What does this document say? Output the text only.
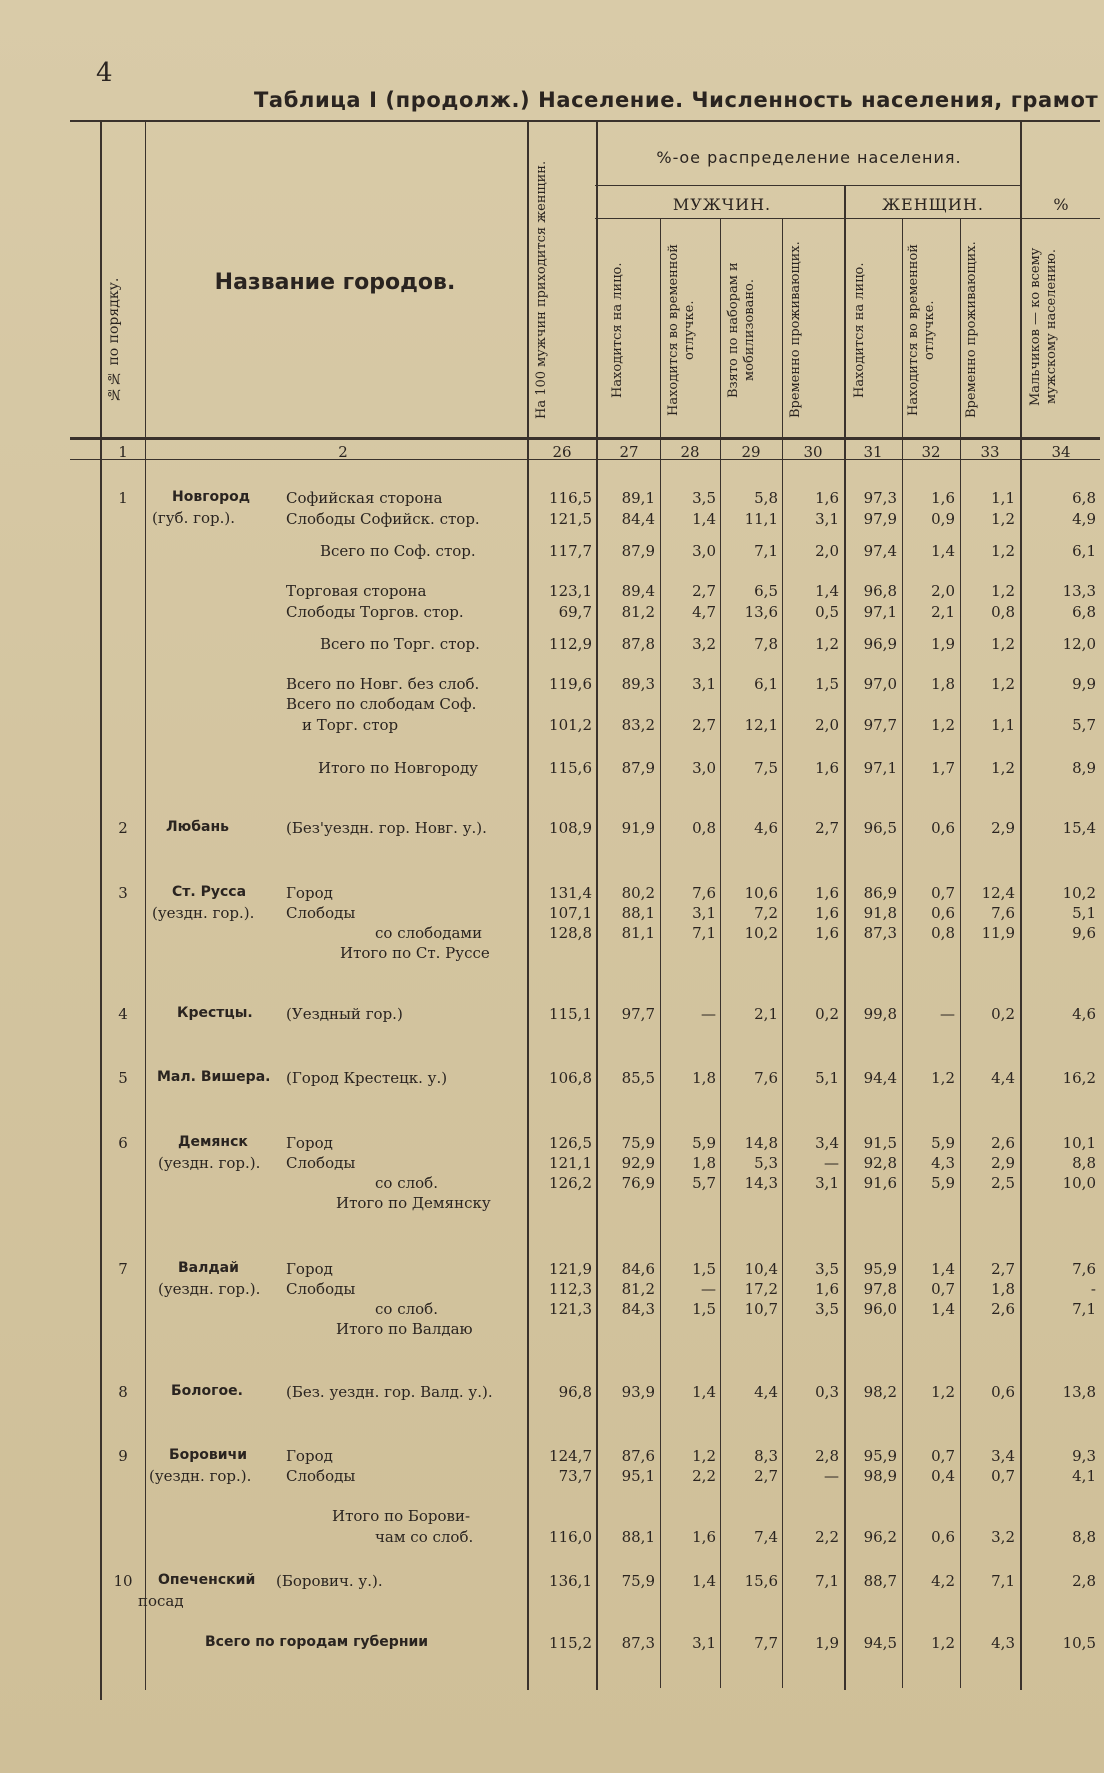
4
Таблица I (продолж.) Население. Численность населения, грамот
№№ по порядку.	Название городов.	На 100 мужчин приходится женщин.
%-ое распределение населения.
МУЖЧИН.	ЖЕНЩИН.	%
Находится на лицо.	Находится во временной отлучке.	Взято по наборам и мобилизовано.	Временно проживающих.	Находится на лицо.	Находится во временной отлучке.	Временно проживающих.	Мальчиков — ко всему мужскому населению.
1	2	26	27	28	29	30	31	32	33	34
1	Новгород
(губ. гор.).
Софийская сторона	116,5	89,1	3,5	5,8	1,6	97,3	1,6	1,1	6,8
Слободы Софийск. стор.	121,5	84,4	1,4	11,1	3,1	97,9	0,9	1,2	4,9
Всего по Соф. стор.	117,7	87,9	3,0	7,1	2,0	97,4	1,4	1,2	6,1
Торговая сторона	123,1	89,4	2,7	6,5	1,4	96,8	2,0	1,2	13,3
Слободы Торгов. стор.	69,7	81,2	4,7	13,6	0,5	97,1	2,1	0,8	6,8
Всего по Торг. стор.	112,9	87,8	3,2	7,8	1,2	96,9	1,9	1,2	12,0
Всего по Новг. без слоб.	119,6	89,3	3,1	6,1	1,5	97,0	1,8	1,2	9,9
Всего по слободам Соф.
и Торг. стор	101,2	83,2	2,7	12,1	2,0	97,7	1,2	1,1	5,7
Итого по Новгороду	115,6	87,9	3,0	7,5	1,6	97,1	1,7	1,2	8,9
2	Любань	(Без'уездн. гор. Новг. у.).	108,9	91,9	0,8	4,6	2,7	96,5	0,6	2,9	15,4
3	Ст. Русса
(уездн. гор.).
Город	131,4	80,2	7,6	10,6	1,6	86,9	0,7	12,4	10,2
Слободы	107,1	88,1	3,1	7,2	1,6	91,8	0,6	7,6	5,1
Итого по Ст. Руссе
со слободами	128,8	81,1	7,1	10,2	1,6	87,3	0,8	11,9	9,6
4	Крестцы. (Уездный гор.)	115,1	97,7	—	2,1	0,2	99,8	—	0,2	4,6
5	Мал. Вишера. (Город Крестецк. у.)	106,8	85,5	1,8	7,6	5,1	94,4	1,2	4,4	16,2
6	Демянск
(уездн. гор.).
Город	126,5	75,9	5,9	14,8	3,4	91,5	5,9	2,6	10,1
Слободы	121,1	92,9	1,8	5,3	—	92,8	4,3	2,9	8,8
Итого по Демянску
со слоб.	126,2	76,9	5,7	14,3	3,1	91,6	5,9	2,5	10,0
7	Валдай
(уездн. гор.).
Город	121,9	84,6	1,5	10,4	3,5	95,9	1,4	2,7	7,6
Слободы	112,3	81,2	—	17,2	1,6	97,8	0,7	1,8	-
Итого по Валдаю
со слоб.	121,3	84,3	1,5	10,7	3,5	96,0	1,4	2,6	7,1
8	Бологое.	(Без. уездн. гор. Валд. у.).	96,8	93,9	1,4	4,4	0,3	98,2	1,2	0,6	13,8
9	Боровичи
(уездн. гор.).
Город	124,7	87,6	1,2	8,3	2,8	95,9	0,7	3,4	9,3
Слободы	73,7	95,1	2,2	2,7	—	98,9	0,4	0,7	4,1
Итого по Борови-
чам со слоб.	116,0	88,1	1,6	7,4	2,2	96,2	0,6	3,2	8,8
10	Опеченский
посад
(Борович. у.).	136,1	75,9	1,4	15,6	7,1	88,7	4,2	7,1	2,8
Всего по городам губернии	115,2	87,3	3,1	7,7	1,9	94,5	1,2	4,3	10,5
